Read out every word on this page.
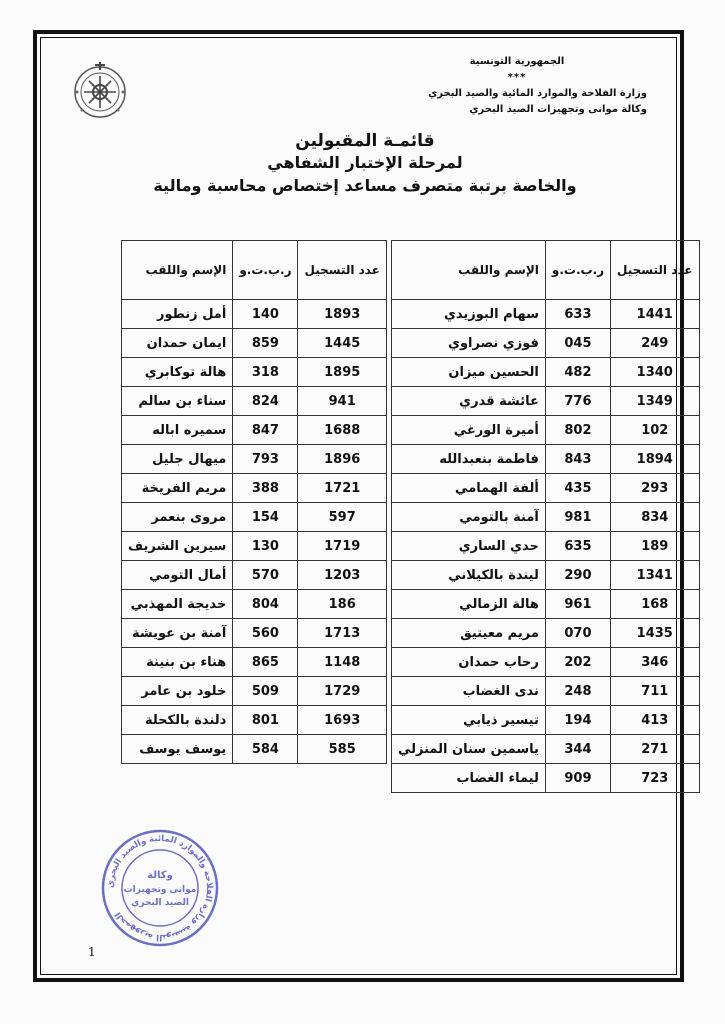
الجمهورية التونسية
***
وزارة الفلاحة والموارد المائية والصيد البحري
وكالة موانى وتجهيزات الصيد البحري
قائمـة المقبولين
لمرحلة الإختبار الشفاهي
والخاصة برتبة متصرف مساعد إختصاص محاسبة ومالية
عدد التسجيل	ر.ب.ت.و	الإسم واللقب
1441	633	سهام البوزيدي
249	045	فوزي نصراوي
1340	482	الحسين ميزان
1349	776	عائشة قدري
102	802	أميرة الورغي
1894	843	فاطمة بنعبدالله
293	435	ألفة الهمامي
834	981	آمنة بالتومي
189	635	حدي الساري
1341	290	ليندة بالكيلاني
168	961	هالة الزمالي
1435	070	مريم معيتيق
346	202	رحاب حمدان
711	248	ندى الغضاب
413	194	تيسير ذيابي
271	344	ياسمين سنان المنزلي
723	909	ليماء الغضاب
عدد التسجيل	ر.ب.ت.و	الإسم واللقب
1893	140	أمل زنطور
1445	859	ايمان حمدان
1895	318	هالة توكابري
941	824	سناء بن سالم
1688	847	سميره اباله
1896	793	ميهال جليل
1721	388	مريم الفريخة
597	154	مروى بنعمر
1719	130	سيرين الشريف
1203	570	أمال التومي
186	804	خديجة المهذبي
1713	560	آمنة بن عويشة
1148	865	هناء بن بنينة
1729	509	خلود بن عامر
1693	801	دلندة بالكحلة
585	584	يوسف يوسف
الجمهورية التونسية وزارة الفلاحة والموارد المائية والصيد البحري
وكالة
موانى وتجهيزات
الصيد البحري
1
